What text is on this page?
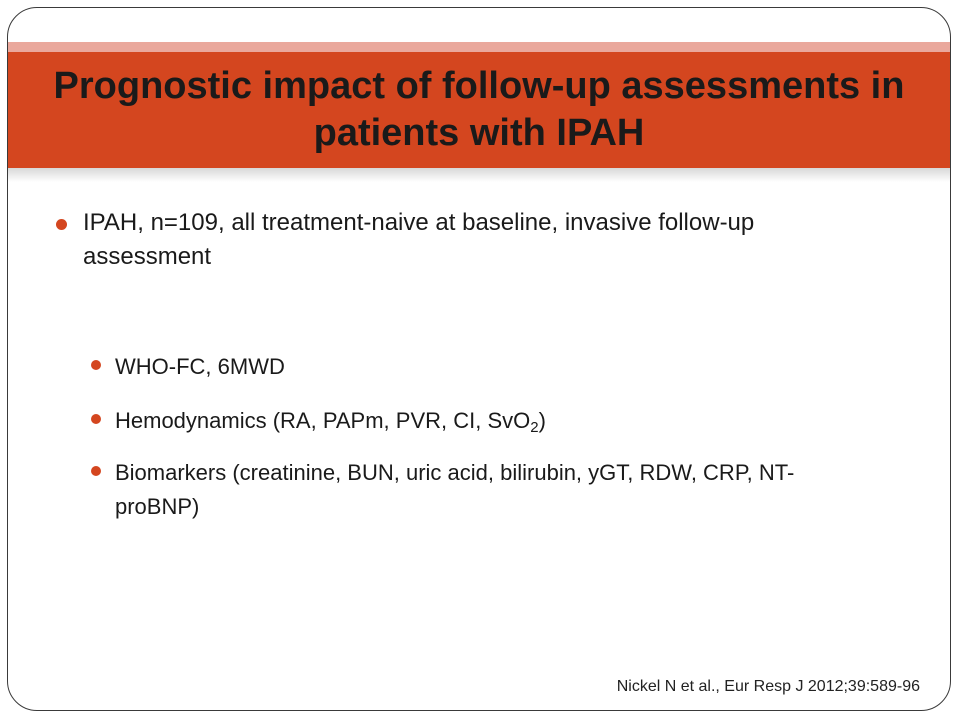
Prognostic impact of follow-up assessments in patients with IPAH
IPAH, n=109, all treatment-naive at baseline, invasive follow-up assessment
WHO-FC, 6MWD
Hemodynamics (RA, PAPm, PVR, CI, SvO$_2$)
Biomarkers (creatinine, BUN, uric acid, bilirubin, yGT, RDW, CRP, NT-proBNP)
Nickel N et al., Eur Resp J 2012;39:589-96
